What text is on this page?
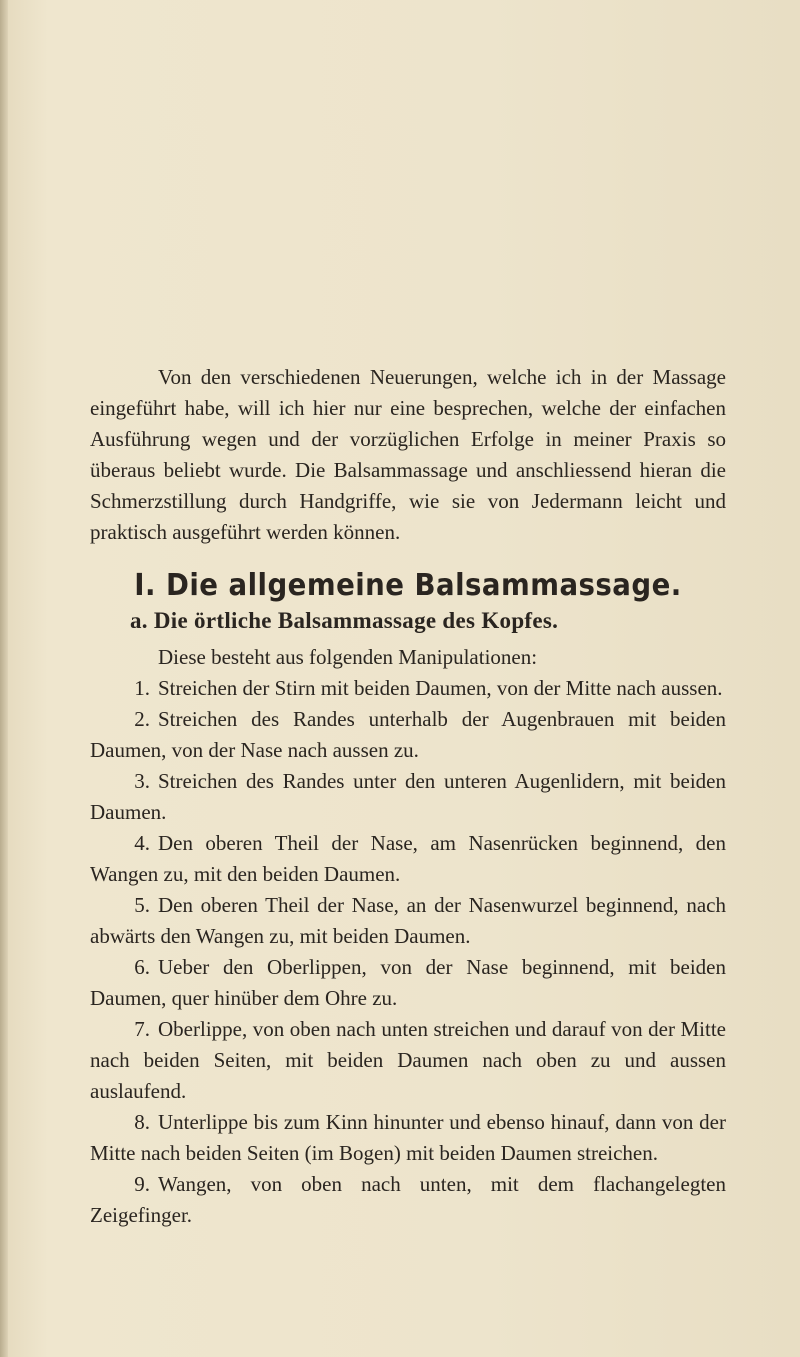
Von den verschiedenen Neuerungen, welche ich in der Massage eingeführt habe, will ich hier nur eine besprechen, welche der einfachen Ausführung wegen und der vorzüglichen Erfolge in meiner Praxis so überaus beliebt wurde. Die Balsammassage und anschliessend hieran die Schmerzstillung durch Handgriffe, wie sie von Jedermann leicht und praktisch ausgeführt werden können.

I. Die allgemeine Balsammassage.
a. Die örtliche Balsammassage des Kopfes.

Diese besteht aus folgenden Manipulationen:

1. Streichen der Stirn mit beiden Daumen, von der Mitte nach aussen.

2. Streichen des Randes unterhalb der Augenbrauen mit beiden Daumen, von der Nase nach aussen zu.

3. Streichen des Randes unter den unteren Augenlidern, mit beiden Daumen.

4. Den oberen Theil der Nase, am Nasenrücken beginnend, den Wangen zu, mit den beiden Daumen.

5. Den oberen Theil der Nase, an der Nasenwurzel beginnend, nach abwärts den Wangen zu, mit beiden Daumen.

6. Ueber den Oberlippen, von der Nase beginnend, mit beiden Daumen, quer hinüber dem Ohre zu.

7. Oberlippe, von oben nach unten streichen und darauf von der Mitte nach beiden Seiten, mit beiden Daumen nach oben zu und aussen auslaufend.

8. Unterlippe bis zum Kinn hinunter und ebenso hinauf, dann von der Mitte nach beiden Seiten (im Bogen) mit beiden Daumen streichen.

9. Wangen, von oben nach unten, mit dem flachangelegten Zeigefinger.
